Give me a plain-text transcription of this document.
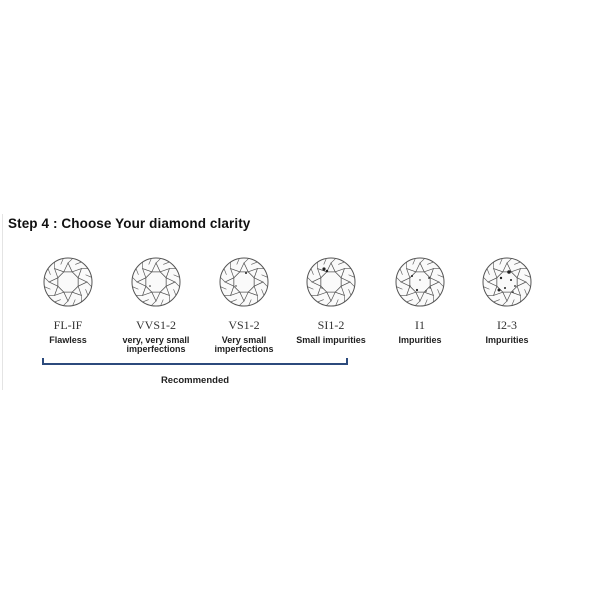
Step 4 : Choose Your diamond clarity
FL-IF
Flawless
VVS1-2
very, very small imperfections
VS1-2
Very small imperfections
SI1-2
Small impurities
I1
Impurities
I2-3
Impurities
Recommended
